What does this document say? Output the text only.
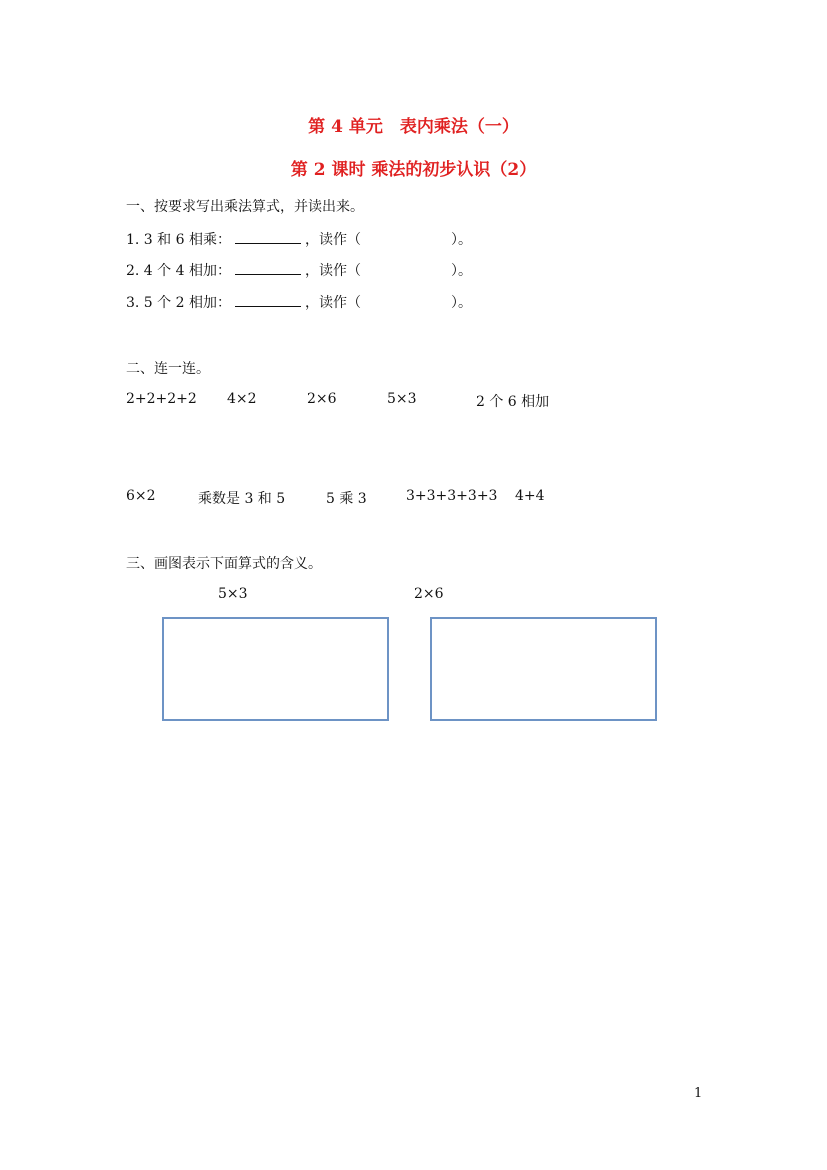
第 4 单元　表内乘法（一）
第 2 课时 乘法的初步认识（2）
一、按要求写出乘法算式，并读出来。
1. 3 和 6 相乘：	，读作（	）。
2. 4 个 4 相加：	，读作（	）。
3. 5 个 2 相加：	，读作（	）。
二、连一连。
2+2+2+2 4×2	2×6	5×3	2 个 6 相加
6×2	乘数是 3 和 5	5 乘 3	3+3+3+3+3 4+4
三、画图表示下面算式的含义。
5×3	2×6
1
